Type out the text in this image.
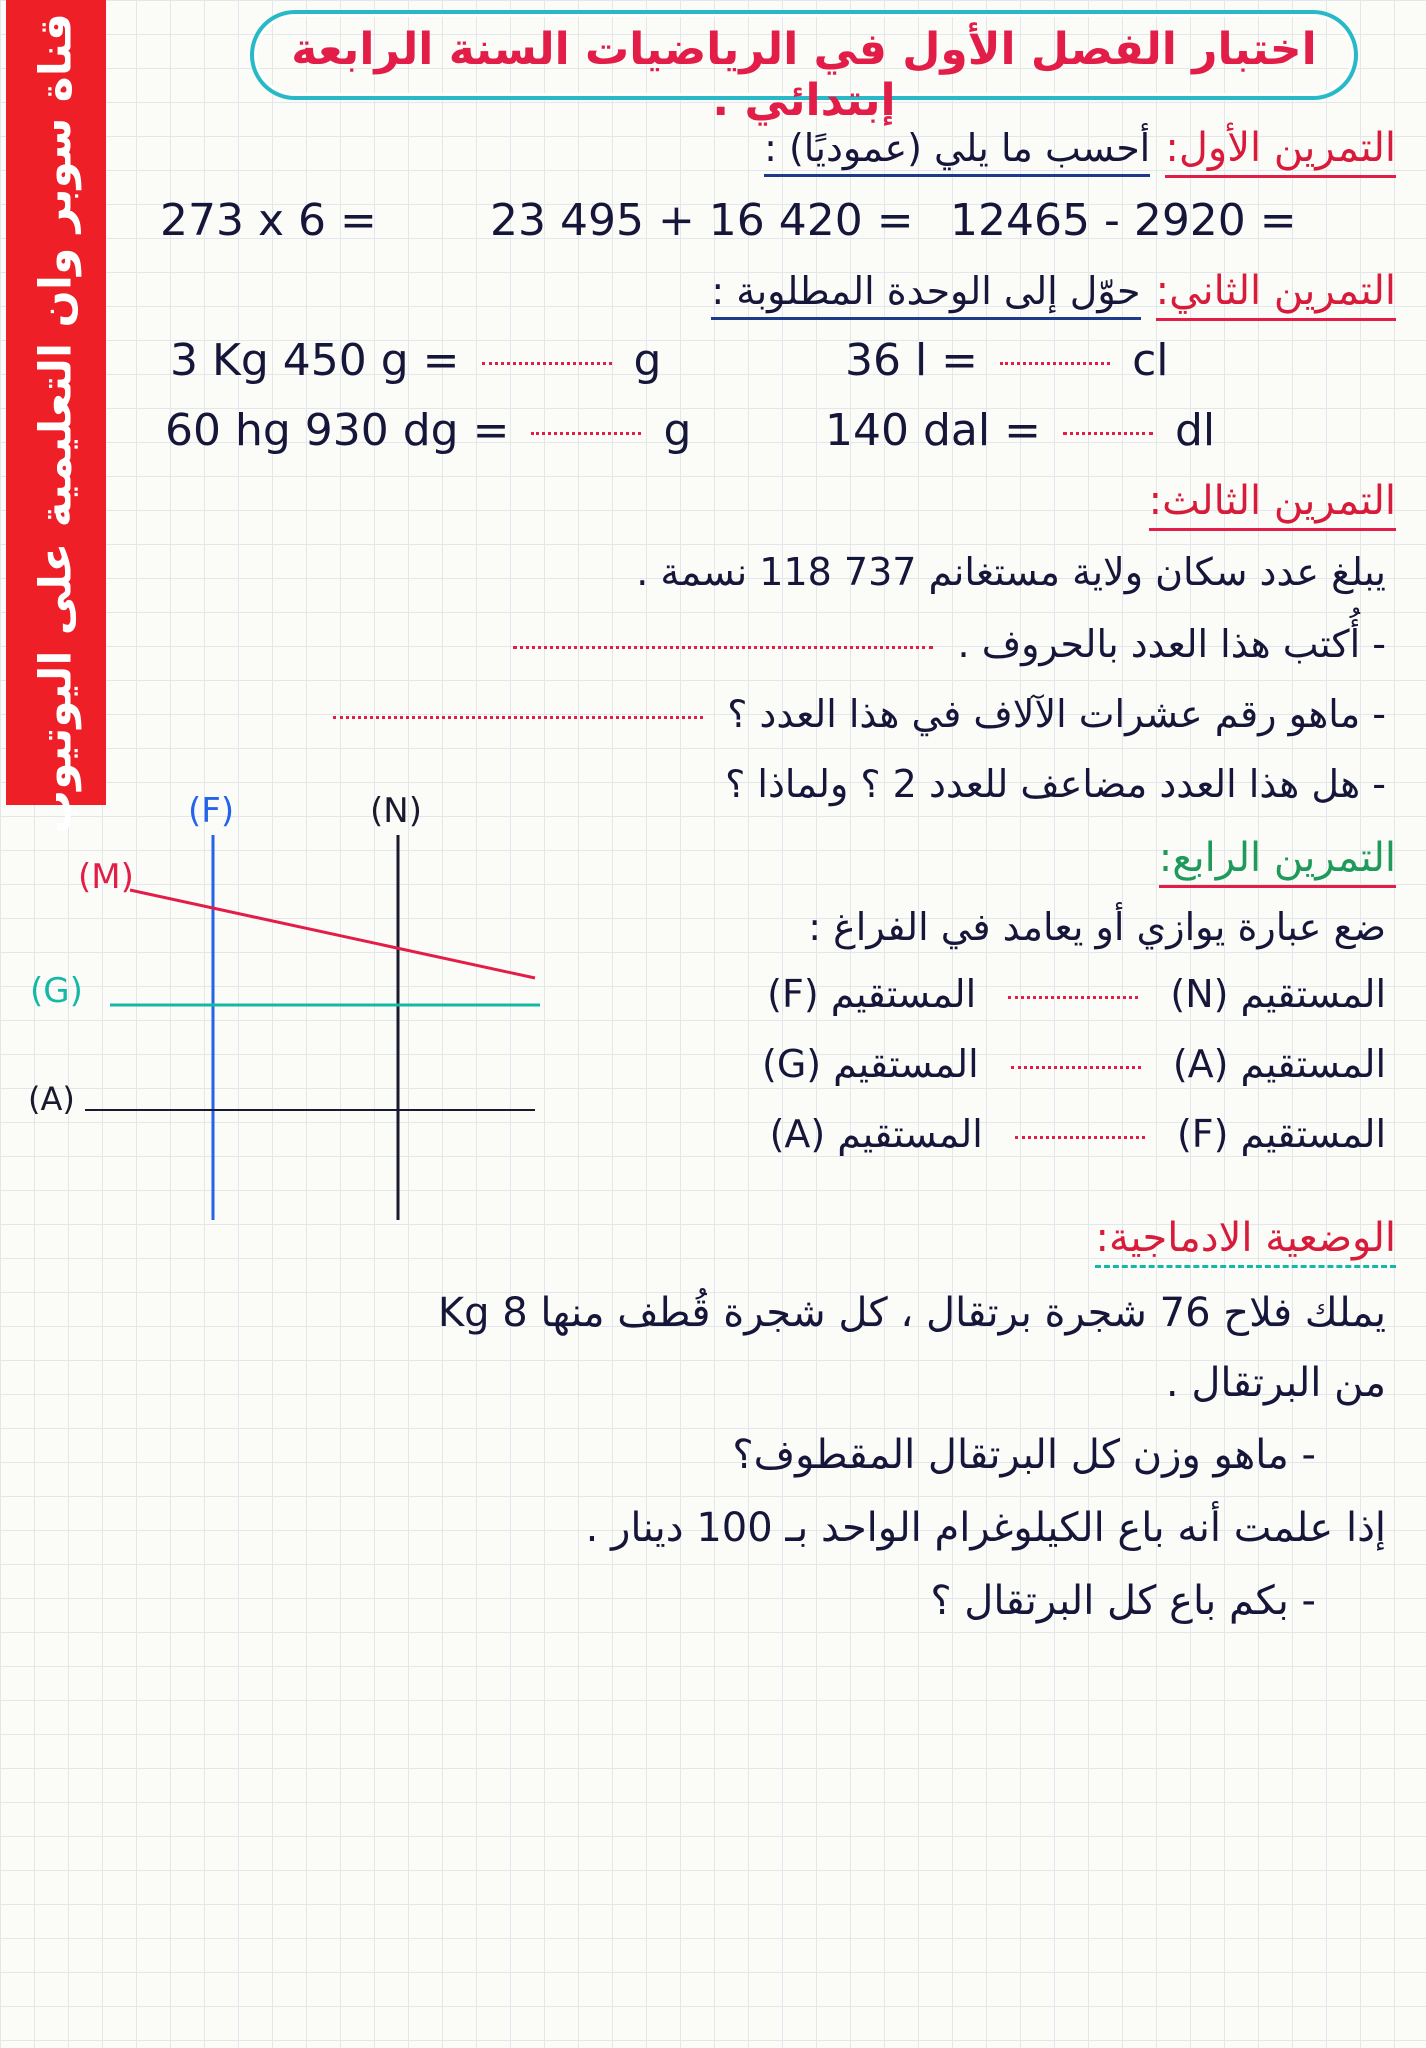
قناة سوبر وان التعليمية على اليوتيوب	اختبار الفصل الأول في الرياضيات السنة الرابعة إبتدائي .
التمرين الأول: أحسب ما يلي (عموديًا) :
273 x 6 =	23 495 + 16 420 = 12465 - 2920 =
التمرين الثاني: حوّل إلى الوحدة المطلوبة :
3 Kg 450 g =	g	36 l =	cl
60 hg 930 dg =	g	140 dal =	dl
التمرين الثالث:
يبلغ عدد سكان ولاية مستغانم 737 118 نسمة .
- أُكتب هذا العدد بالحروف .
- ماهو رقم عشرات الآلاف في هذا العدد ؟
- هل هذا العدد مضاعف للعدد 2 ؟ ولماذا ؟
(F)	(N)
(M)
(G)
(A)
التمرين الرابع:
ضع عبارة يوازي أو يعامد في الفراغ :
المستقيم (N)  المستقيم (F)
المستقيم (A)  المستقيم (G)
المستقيم (F)  المستقيم (A)
الوضعية الادماجية:
يملك فلاح 76 شجرة برتقال ، كل شجرة قُطف منها 8 Kg
من البرتقال .
- ماهو وزن كل البرتقال المقطوف؟
إذا علمت أنه باع الكيلوغرام الواحد بـ 100 دينار .
- بكم باع كل البرتقال ؟
